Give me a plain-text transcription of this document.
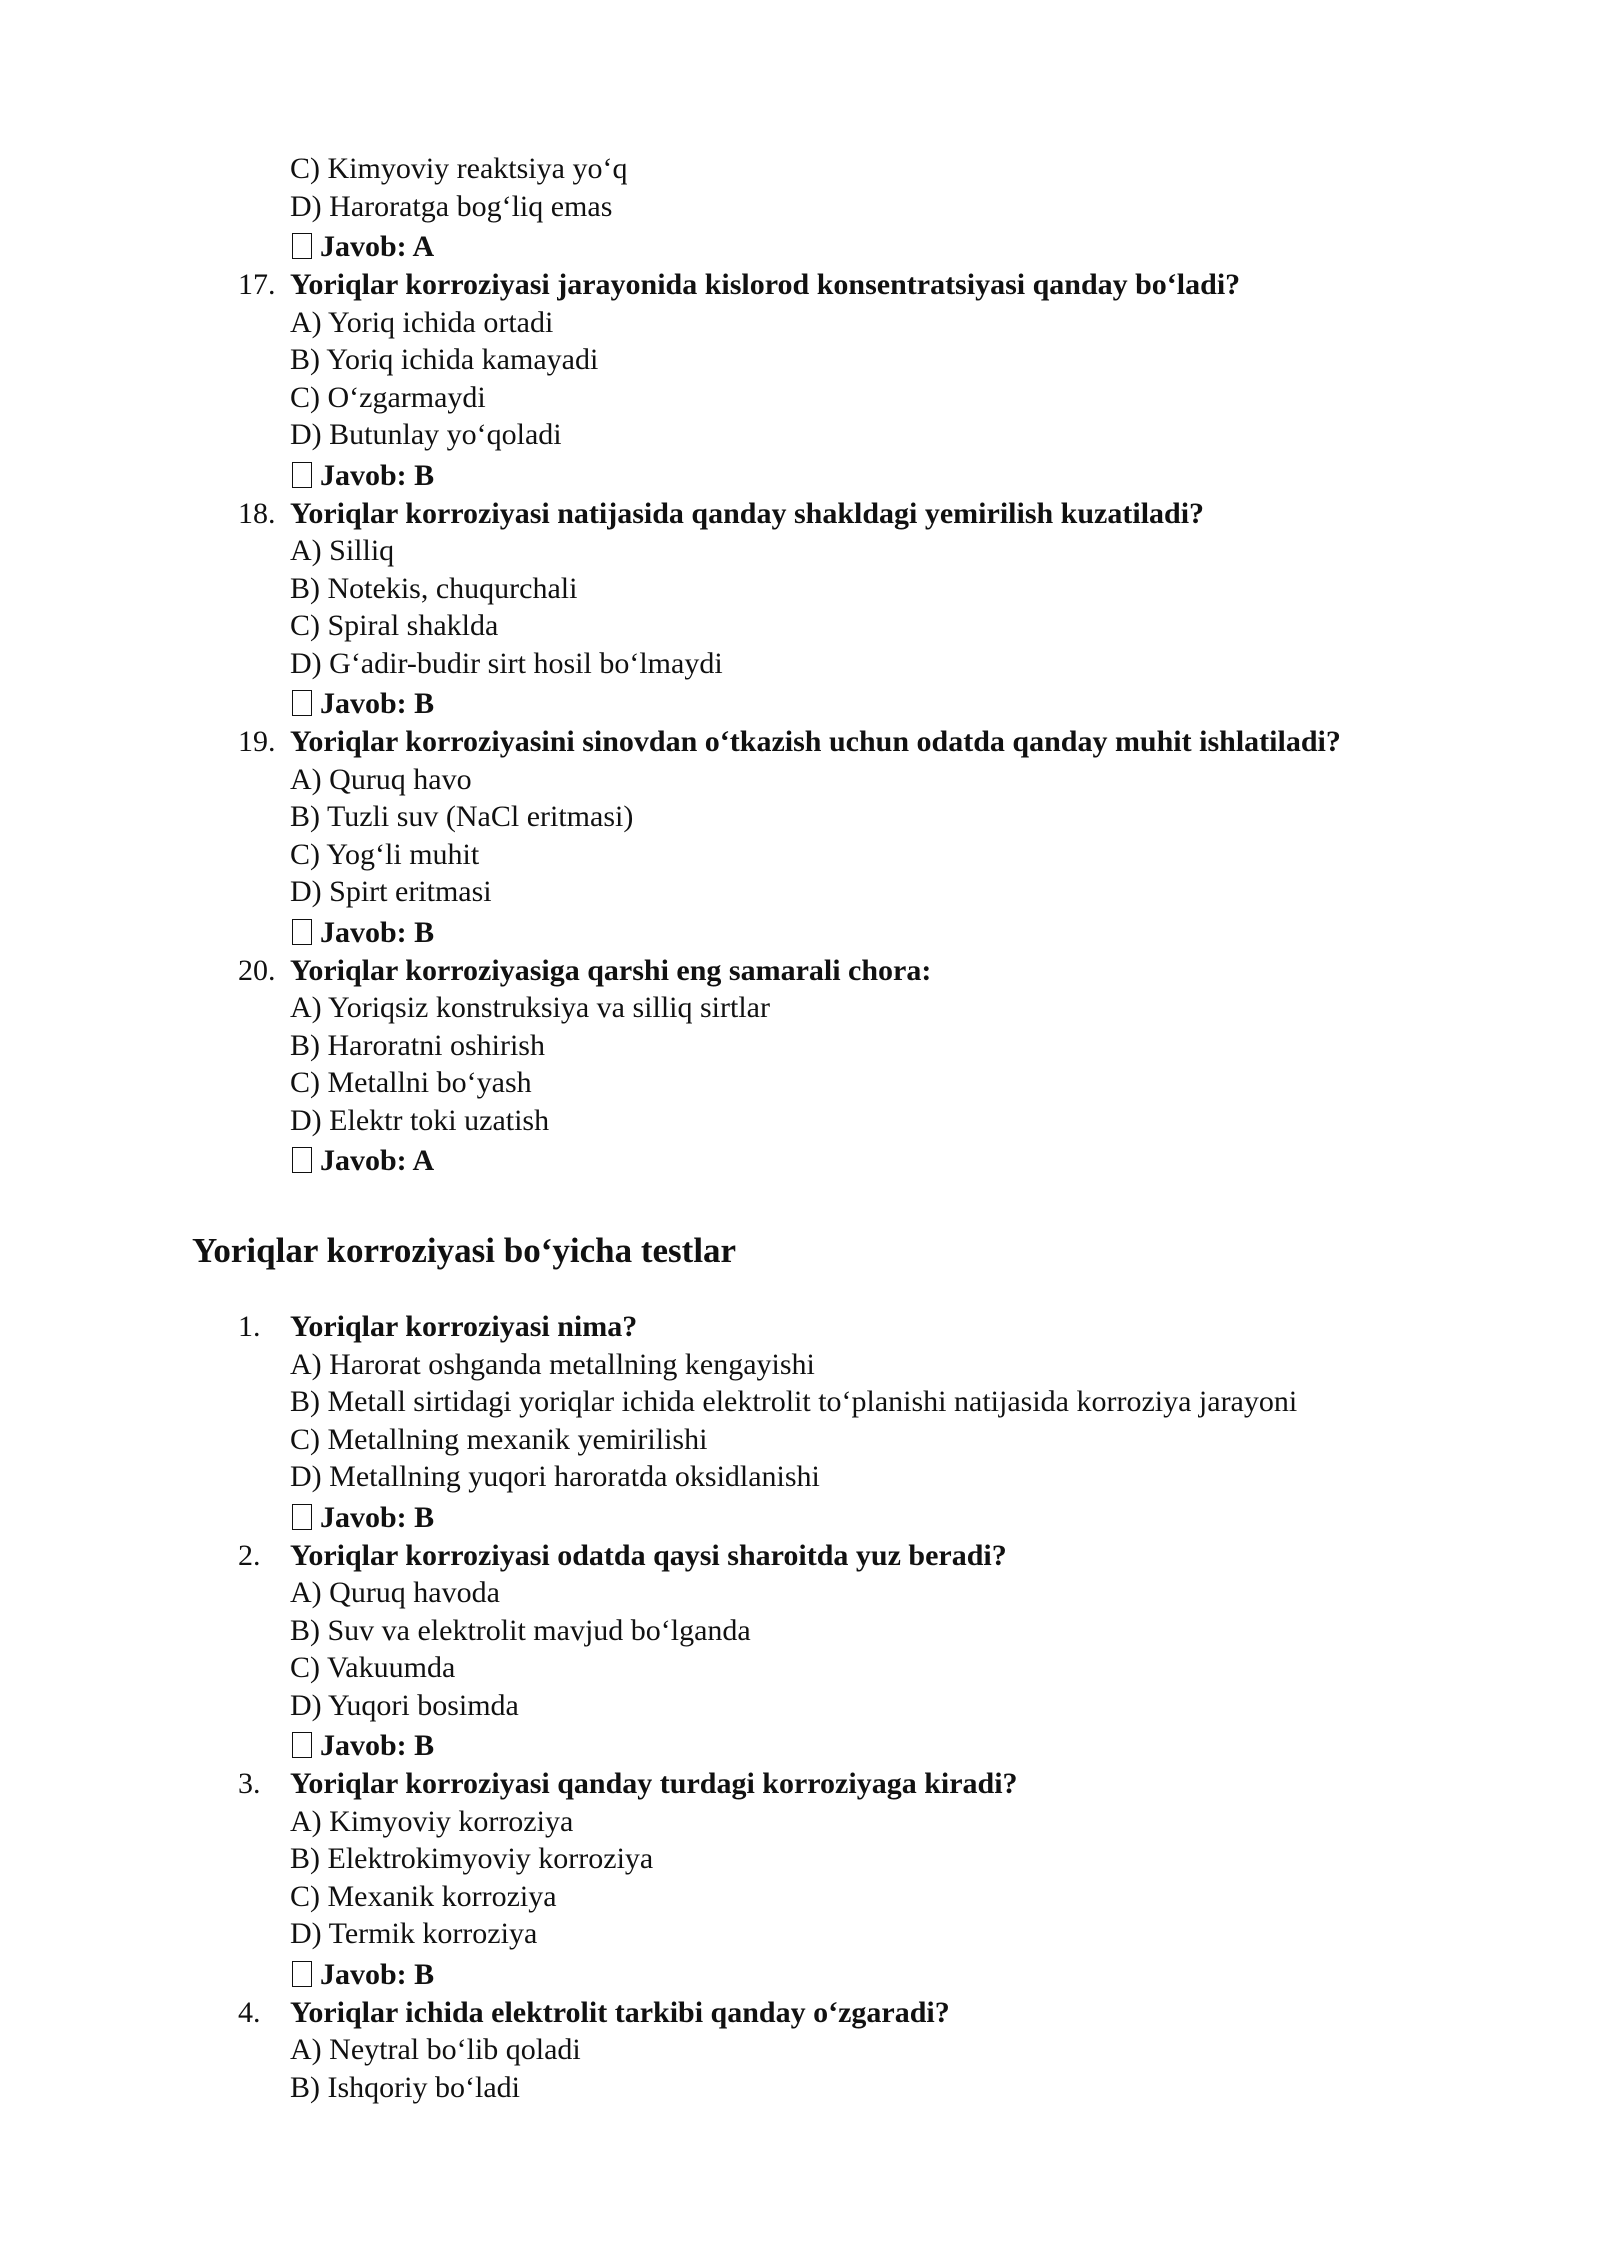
C) Kimyoviy reaktsiya yo‘q
D) Haroratga bog‘liq emas
Javob: A
17. Yoriqlar korroziyasi jarayonida kislorod konsentratsiyasi qanday bo‘ladi?
A) Yoriq ichida ortadi
B) Yoriq ichida kamayadi
C) O‘zgarmaydi
D) Butunlay yo‘qoladi
Javob: B
18. Yoriqlar korroziyasi natijasida qanday shakldagi yemirilish kuzatiladi?
A) Silliq
B) Notekis, chuqurchali
C) Spiral shaklda
D) G‘adir-budir sirt hosil bo‘lmaydi
Javob: B
19. Yoriqlar korroziyasini sinovdan o‘tkazish uchun odatda qanday muhit ishlatiladi?
A) Quruq havo
B) Tuzli suv (NaCl eritmasi)
C) Yog‘li muhit
D) Spirt eritmasi
Javob: B
20. Yoriqlar korroziyasiga qarshi eng samarali chora:
A) Yoriqsiz konstruksiya va silliq sirtlar
B) Haroratni oshirish
C) Metallni bo‘yash
D) Elektr toki uzatish
Javob: A
Yoriqlar korroziyasi bo‘yicha testlar
1. Yoriqlar korroziyasi nima?
A) Harorat oshganda metallning kengayishi
B) Metall sirtidagi yoriqlar ichida elektrolit to‘planishi natijasida korroziya jarayoni
C) Metallning mexanik yemirilishi
D) Metallning yuqori haroratda oksidlanishi
Javob: B
2. Yoriqlar korroziyasi odatda qaysi sharoitda yuz beradi?
A) Quruq havoda
B) Suv va elektrolit mavjud bo‘lganda
C) Vakuumda
D) Yuqori bosimda
Javob: B
3. Yoriqlar korroziyasi qanday turdagi korroziyaga kiradi?
A) Kimyoviy korroziya
B) Elektrokimyoviy korroziya
C) Mexanik korroziya
D) Termik korroziya
Javob: B
4. Yoriqlar ichida elektrolit tarkibi qanday o‘zgaradi?
A) Neytral bo‘lib qoladi
B) Ishqoriy bo‘ladi
